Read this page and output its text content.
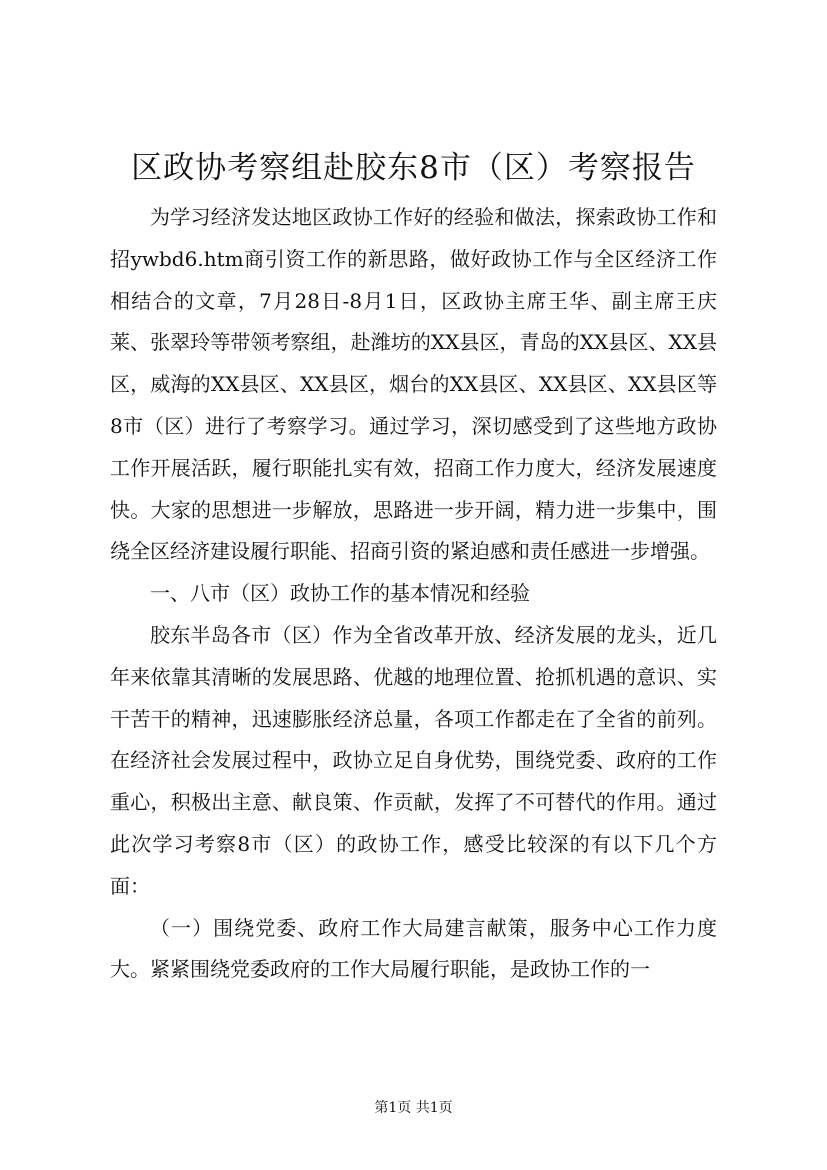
区政协考察组赴胶东8市（区）考察报告

为学习经济发达地区政协工作好的经验和做法，探索政协工作和招ywbd6.htm商引资工作的新思路，做好政协工作与全区经济工作相结合的文章，7月28日-8月1日，区政协主席王华、副主席王庆莱、张翠玲等带领考察组，赴潍坊的XX县区，青岛的XX县区、XX县区，威海的XX县区、XX县区，烟台的XX县区、XX县区、XX县区等8市（区）进行了考察学习。通过学习，深切感受到了这些地方政协工作开展活跃，履行职能扎实有效，招商工作力度大，经济发展速度快。大家的思想进一步解放，思路进一步开阔，精力进一步集中，围绕全区经济建设履行职能、招商引资的紧迫感和责任感进一步增强。

一、八市（区）政协工作的基本情况和经验

胶东半岛各市（区）作为全省改革开放、经济发展的龙头，近几年来依靠其清晰的发展思路、优越的地理位置、抢抓机遇的意识、实干苦干的精神，迅速膨胀经济总量，各项工作都走在了全省的前列。在经济社会发展过程中，政协立足自身优势，围绕党委、政府的工作重心，积极出主意、献良策、作贡献，发挥了不可替代的作用。通过此次学习考察8市（区）的政协工作，感受比较深的有以下几个方面：

（一）围绕党委、政府工作大局建言献策，服务中心工作力度大。紧紧围绕党委政府的工作大局履行职能，是政协工作的一

第1页 共1页
